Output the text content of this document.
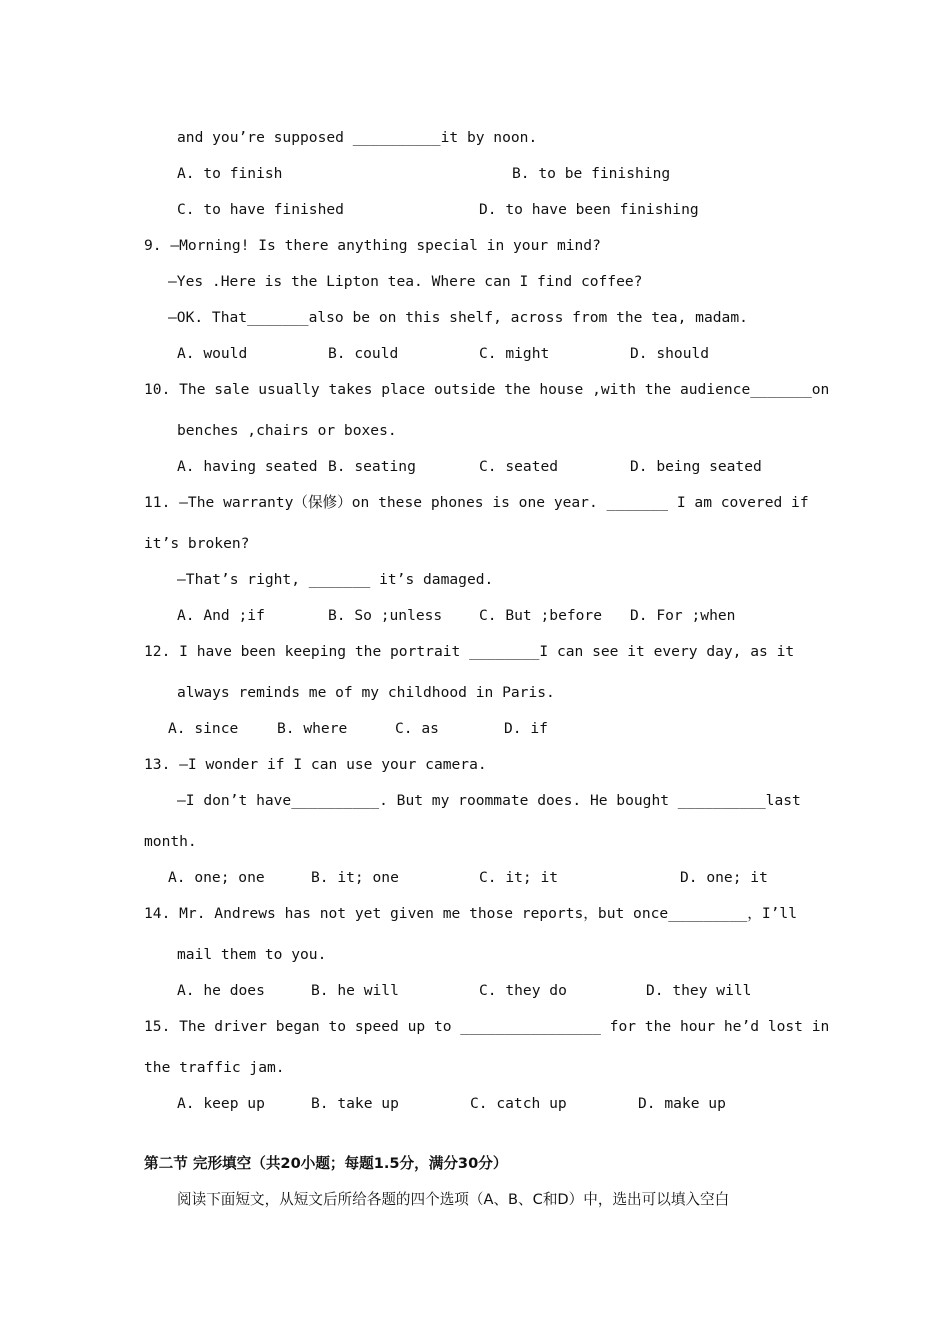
and you’re supposed __________it by noon.
A. to finish	B. to be finishing
C. to have finished	D. to have been finishing
9. —Morning! Is there anything special in your mind?
—Yes .Here is the Lipton tea. Where can I find coffee?
—OK. That_______also be on this shelf, across from the tea, madam.
A. would	B. could	C. might	D. should
10. The sale usually takes place outside the house ,with the audience_______on
benches ,chairs or boxes.
A. having seated B. seating	C. seated	D. being seated
11. —The warranty（保修）on these phones is one year. _______ I am covered if
it’s broken?
—That’s right, _______ it’s damaged.
A. And ;if	B. So ;unless	C. But ;before D. For ;when
12. I have been keeping the portrait ________I can see it every day, as it
always reminds me of my childhood in Paris.
A. since	B. where	C. as	D. if
13. —I wonder if I can use your camera.
—I don’t have__________. But my roommate does. He bought __________last
month.
A. one; one	B. it; one	C. it; it	D. one; it
14. Mr. Andrews has not yet given me those reports，but once_________，I’ll
mail them to you.
A. he does	B. he will	C. they do	D. they will
15. The driver began to speed up to ________________ for the hour he’d lost in
the traffic jam.
A. keep up	B. take up	C. catch up	D. make up
第二节 完形填空（共20小题；每题1.5分，满分30分）
阅读下面短文，从短文后所给各题的四个选项（A、B、C和D）中，选出可以填入空白
